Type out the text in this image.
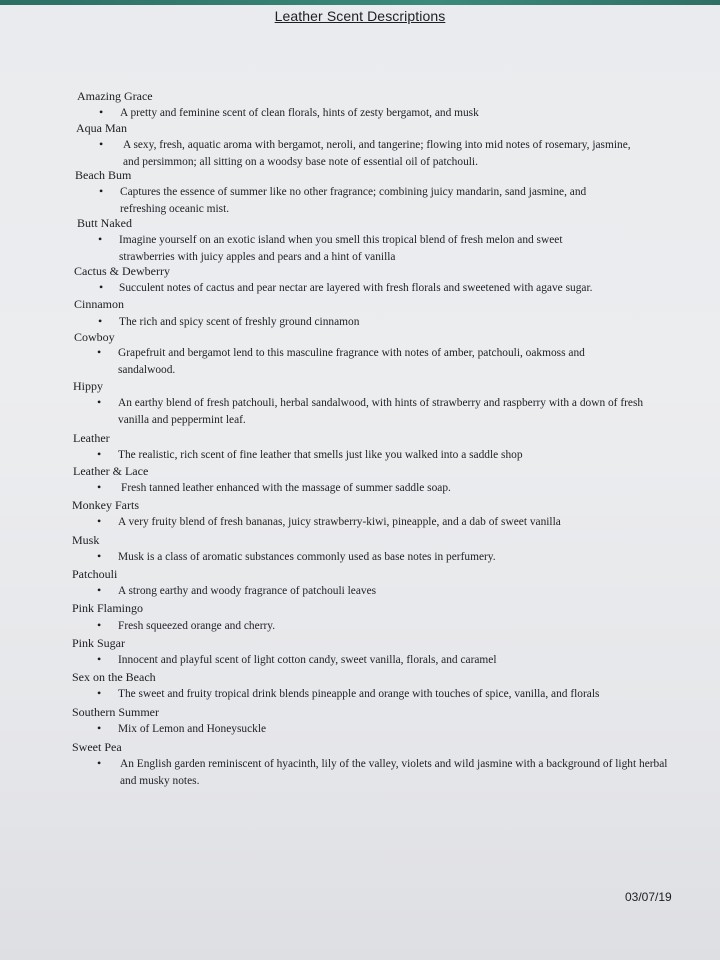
Leather Scent Descriptions
Amazing Grace
• A pretty and feminine scent of clean florals, hints of zesty bergamot, and musk
Aqua Man
• A sexy, fresh, aquatic aroma with bergamot, neroli, and tangerine; flowing into mid notes of rosemary, jasmine, and persimmon; all sitting on a woodsy base note of essential oil of patchouli.
Beach Bum
• Captures the essence of summer like no other fragrance; combining juicy mandarin, sand jasmine, and refreshing oceanic mist.
Butt Naked
• Imagine yourself on an exotic island when you smell this tropical blend of fresh melon and sweet strawberries with juicy apples and pears and a hint of vanilla
Cactus & Dewberry
• Succulent notes of cactus and pear nectar are layered with fresh florals and sweetened with agave sugar.
Cinnamon
• The rich and spicy scent of freshly ground cinnamon
Cowboy
• Grapefruit and bergamot lend to this masculine fragrance with notes of amber, patchouli, oakmoss and sandalwood.
Hippy
• An earthy blend of fresh patchouli, herbal sandalwood, with hints of strawberry and raspberry with a down of fresh vanilla and peppermint leaf.
Leather
• The realistic, rich scent of fine leather that smells just like you walked into a saddle shop
Leather & Lace
• Fresh tanned leather enhanced with the massage of summer saddle soap.
Monkey Farts
• A very fruity blend of fresh bananas, juicy strawberry-kiwi, pineapple, and a dab of sweet vanilla
Musk
• Musk is a class of aromatic substances commonly used as base notes in perfumery.
Patchouli
• A strong earthy and woody fragrance of patchouli leaves
Pink Flamingo
• Fresh squeezed orange and cherry.
Pink Sugar
• Innocent and playful scent of light cotton candy, sweet vanilla, florals, and caramel
Sex on the Beach
• The sweet and fruity tropical drink blends pineapple and orange with touches of spice, vanilla, and florals
Southern Summer
• Mix of Lemon and Honeysuckle
Sweet Pea
• An English garden reminiscent of hyacinth, lily of the valley, violets and wild jasmine with a background of light herbal and musky notes.
03/07/19
